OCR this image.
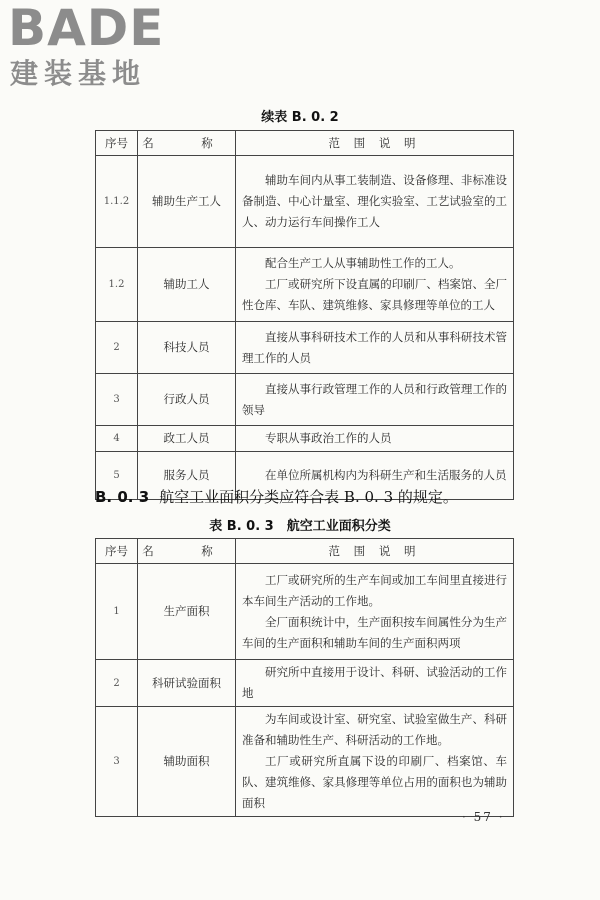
BADE
建装基地
续表 B. 0. 2
序号	名　称	范 围 说 明
1.1.2	辅助生产工人	辅助车间内从事工装制造、设备修理、非标准设备制造、中心计量室、理化实验室、工艺试验室的工人、动力运行车间操作工人

1.2	辅助工人	配合生产工人从事辅助性工作的工人。

工厂或研究所下设直属的印刷厂、档案馆、全厂性仓库、车队、建筑维修、家具修理等单位的工人

2	科技人员	直接从事科研技术工作的人员和从事科研技术管理工作的人员

3	行政人员	直接从事行政管理工作的人员和行政管理工作的领导

4	政工人员	专职从事政治工作的人员

5	服务人员	在单位所属机构内为科研生产和生活服务的人员

B. 0. 3 航空工业面积分类应符合表 B. 0. 3 的规定。
表 B. 0. 3　航空工业面积分类
序号	名　称	范 围 说 明
1	生产面积	工厂或研究所的生产车间或加工车间里直接进行本车间生产活动的工作地。

全厂面积统计中，生产面积按车间属性分为生产车间的生产面积和辅助车间的生产面积两项

2	科研试验面积	研究所中直接用于设计、科研、试验活动的工作地

3	辅助面积	为车间或设计室、研究室、试验室做生产、科研准备和辅助性生产、科研活动的工作地。

工厂或研究所直属下设的印刷厂、档案馆、车队、建筑维修、家具修理等单位占用的面积也为辅助面积

· 57 ·
